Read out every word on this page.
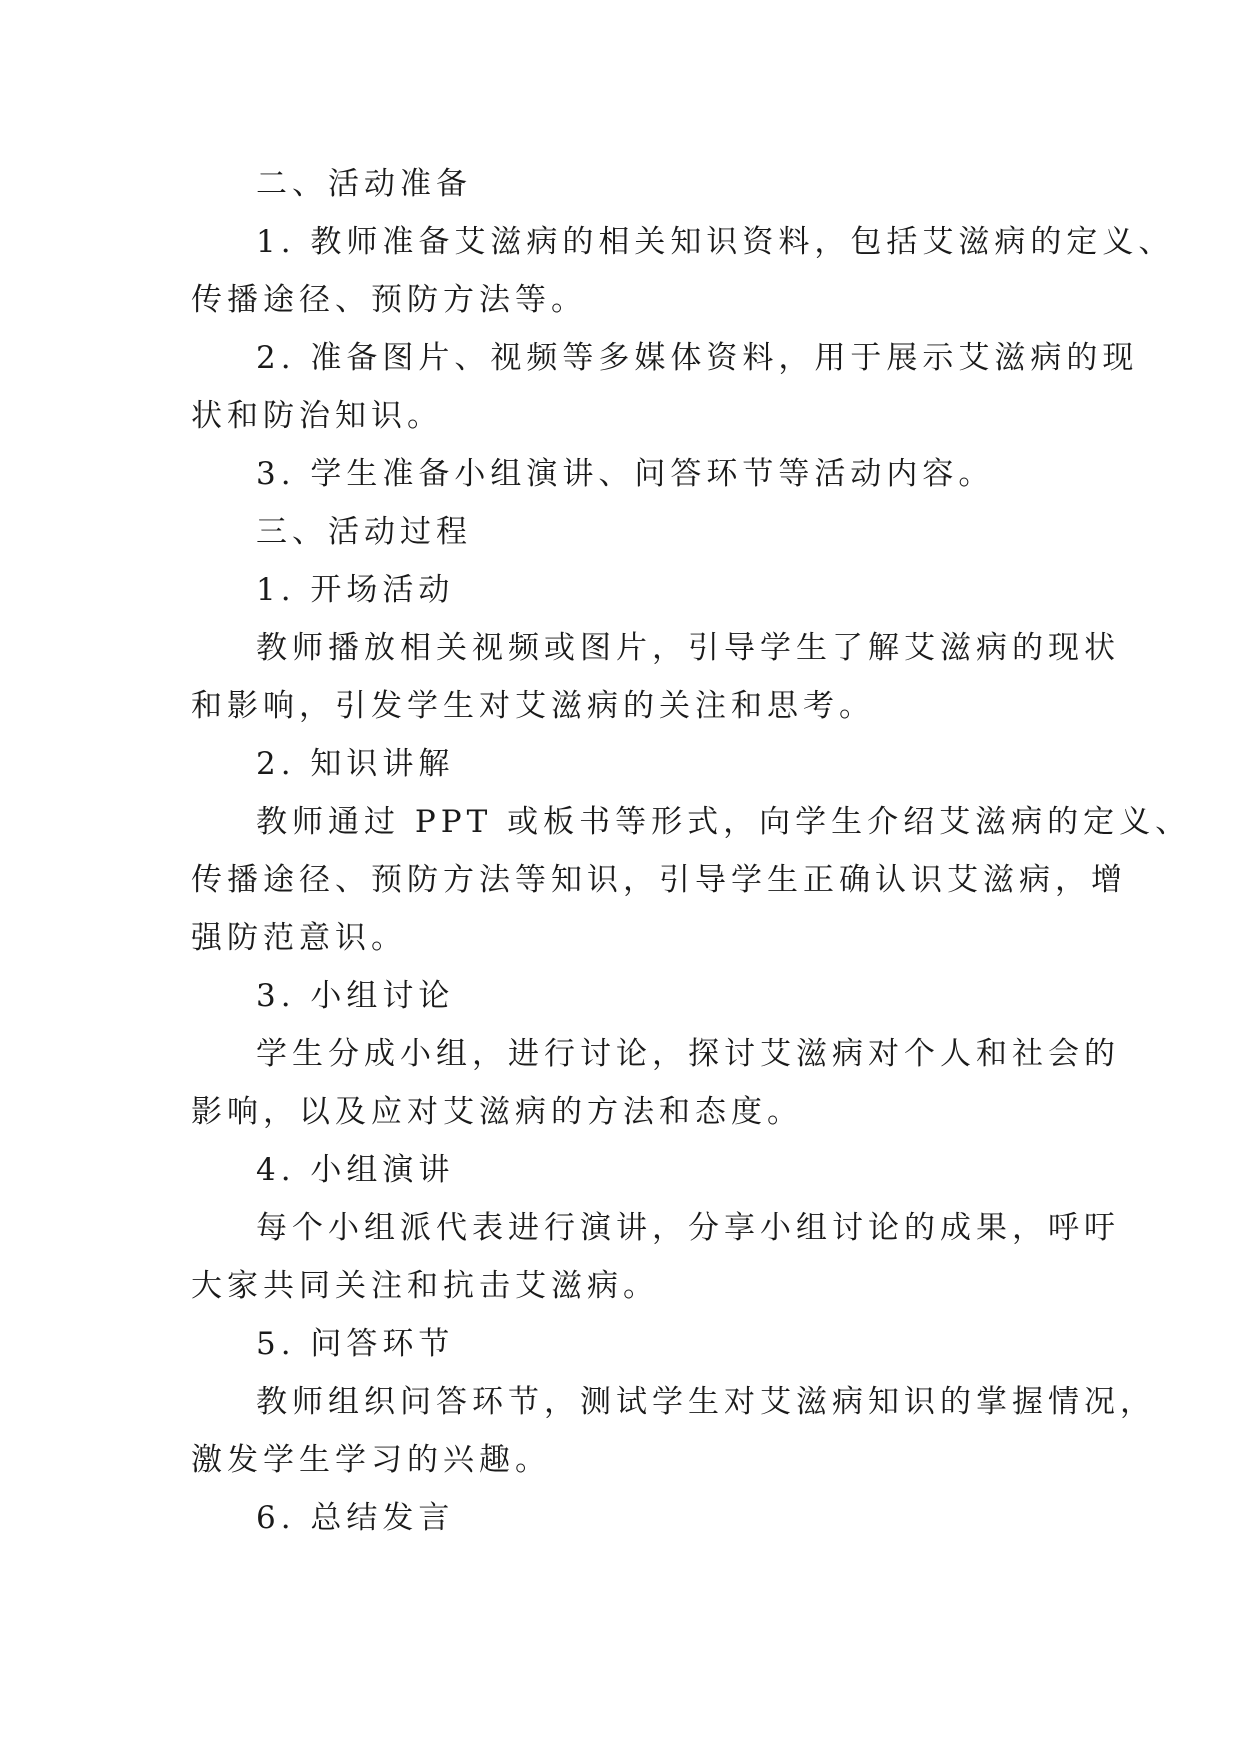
二、活动准备
1. 教师准备艾滋病的相关知识资料，包括艾滋病的定义、
传播途径、预防方法等。
2. 准备图片、视频等多媒体资料，用于展示艾滋病的现
状和防治知识。
3. 学生准备小组演讲、问答环节等活动内容。
三、活动过程
1. 开场活动
教师播放相关视频或图片，引导学生了解艾滋病的现状
和影响，引发学生对艾滋病的关注和思考。
2. 知识讲解
教师通过 PPT 或板书等形式，向学生介绍艾滋病的定义、
传播途径、预防方法等知识，引导学生正确认识艾滋病，增
强防范意识。
3. 小组讨论
学生分成小组，进行讨论，探讨艾滋病对个人和社会的
影响，以及应对艾滋病的方法和态度。
4. 小组演讲
每个小组派代表进行演讲，分享小组讨论的成果，呼吁
大家共同关注和抗击艾滋病。
5. 问答环节
教师组织问答环节，测试学生对艾滋病知识的掌握情况，
激发学生学习的兴趣。
6. 总结发言
